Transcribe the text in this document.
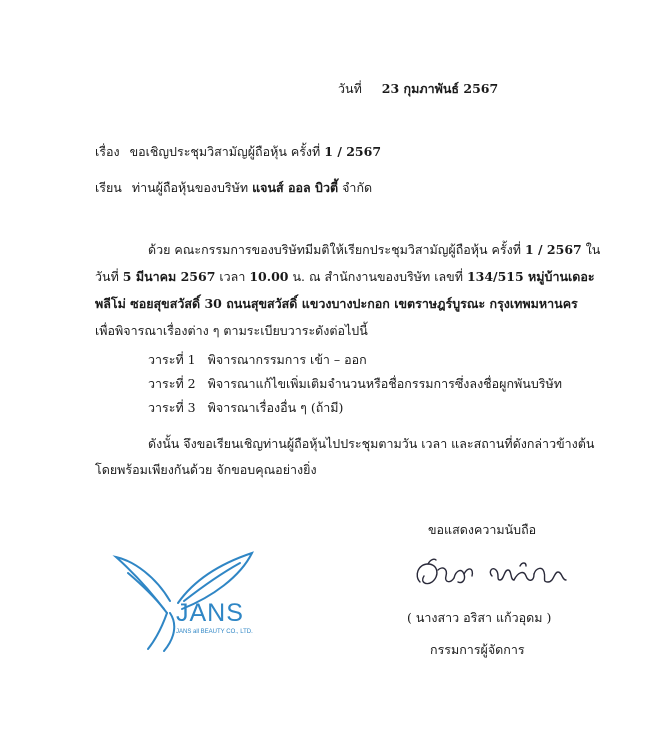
วันที่ 23 กุมภาพันธ์ 2567
เรื่อง ขอเชิญประชุมวิสามัญผู้ถือหุ้น ครั้งที่ 1 / 2567
เรียน ท่านผู้ถือหุ้นของบริษัท แจนส์ ออล บิวตี้ จำกัด
ด้วย คณะกรรมการของบริษัทมีมติให้เรียกประชุมวิสามัญผู้ถือหุ้น ครั้งที่ 1 / 2567 ใน
วันที่ 5 มีนาคม 2567 เวลา 10.00 น. ณ สำนักงานของบริษัท เลขที่ 134/515 หมู่บ้านเดอะ
พลีโม่ ซอยสุขสวัสดิ์ 30 ถนนสุขสวัสดิ์ แขวงบางปะกอก เขตราษฎร์บูรณะ กรุงเทพมหานคร
เพื่อพิจารณาเรื่องต่าง ๆ ตามระเบียบวาระดังต่อไปนี้
วาระที่ 1 พิจารณากรรมการ เข้า – ออก
วาระที่ 2 พิจารณาแก้ไขเพิ่มเติมจำนวนหรือชื่อกรรมการซึ่งลงชื่อผูกพันบริษัท
วาระที่ 3 พิจารณาเรื่องอื่น ๆ (ถ้ามี)
ดังนั้น จึงขอเรียนเชิญท่านผู้ถือหุ้นไปประชุมตามวัน เวลา และสถานที่ดังกล่าวข้างต้น
โดยพร้อมเพียงกันด้วย จักขอบคุณอย่างยิ่ง
ขอแสดงความนับถือ
( นางสาว อริสา แก้วอุดม )
กรรมการผู้จัดการ
JANS
JANS all BEAUTY CO., LTD.
